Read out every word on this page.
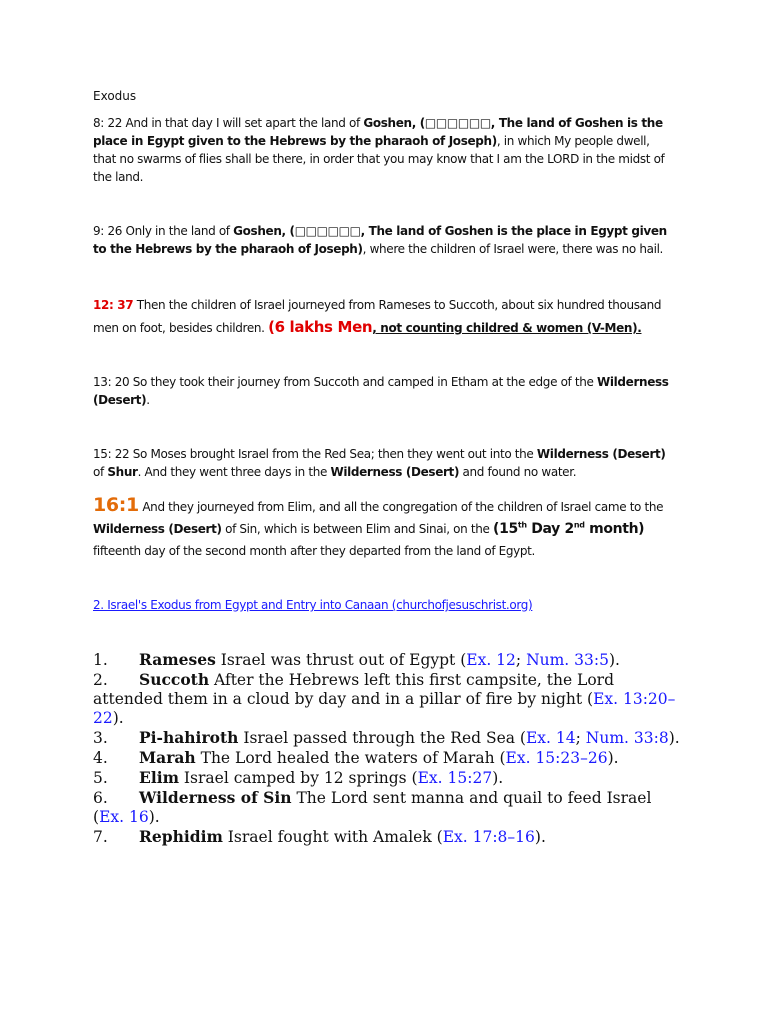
Exodus

8: 22 And in that day I will set apart the land of Goshen, (□□□□□□, The land of Goshen is the place in Egypt given to the Hebrews by the pharaoh of Joseph), in which My people dwell, that no swarms of flies shall be there, in order that you may know that I am the LORD in the midst of the land.

9: 26 Only in the land of Goshen, (□□□□□□, The land of Goshen is the place in Egypt given to the Hebrews by the pharaoh of Joseph), where the children of Israel were, there was no hail.

12: 37 Then the children of Israel journeyed from Rameses to Succoth, about six hundred thousand men on foot, besides children. (6 lakhs Men, not counting childred & women (V-Men).

13: 20 So they took their journey from Succoth and camped in Etham at the edge of the Wilderness (Desert).

15: 22 So Moses brought Israel from the Red Sea; then they went out into the Wilderness (Desert) of Shur. And they went three days in the Wilderness (Desert) and found no water.

16:1 And they journeyed from Elim, and all the congregation of the children of Israel came to the Wilderness (Desert) of Sin, which is between Elim and Sinai, on the (15th Day 2nd month) fifteenth day of the second month after they departed from the land of Egypt.

2. Israel's Exodus from Egypt and Entry into Canaan (churchofjesuschrist.org)

1. Rameses Israel was thrust out of Egypt (Ex. 12; Num. 33:5).
2. Succoth After the Hebrews left this first campsite, the Lord attended them in a cloud by day and in a pillar of fire by night (Ex. 13:20–22).
3. Pi-hahiroth Israel passed through the Red Sea (Ex. 14; Num. 33:8).
4. Marah The Lord healed the waters of Marah (Ex. 15:23–26).
5. Elim Israel camped by 12 springs (Ex. 15:27).
6. Wilderness of Sin The Lord sent manna and quail to feed Israel (Ex. 16).
7. Rephidim Israel fought with Amalek (Ex. 17:8–16).
